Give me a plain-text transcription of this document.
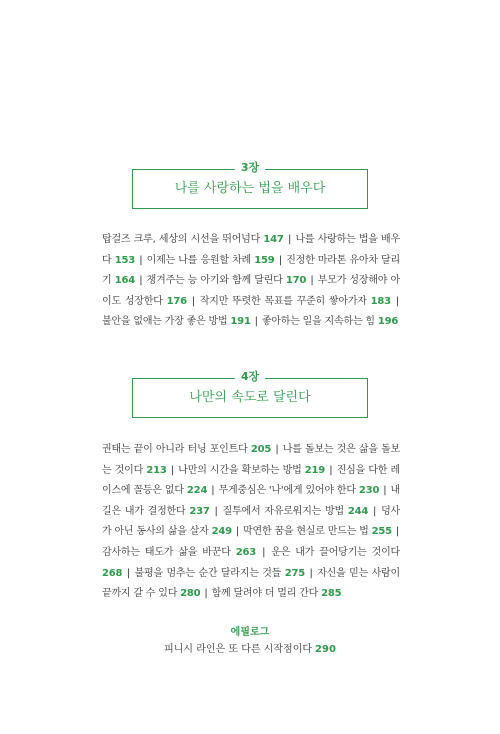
3장
나를 사랑하는 법을 배우다
탑걸즈 크루, 세상의 시선을 뛰어넘다 147 | 나를 사랑하는 법을 배우다 153 | 이제는 나를 응원할 차례 159 | 진정한 마라톤 유아차 달리기 164 | 챙겨주는 능 아기와 함께 달린다 170 | 부모가 성장해야 아이도 성장한다 176 | 작지만 뚜렷한 목표를 꾸준히 쌓아가자 183 | 불안을 없애는 가장 좋은 방법 191 | 좋아하는 일을 지속하는 힘 196
4장
나만의 속도로 달린다
권태는 끝이 아니라 터닝 포인트다 205 | 나를 돌보는 것은 삶을 돌보는 것이다 213 | 나만의 시간을 확보하는 방법 219 | 진심을 다한 레이스에 꼴등은 없다 224 | 무게중심은 '나'에게 있어야 한다 230 | 내 길은 내가 결정한다 237 | 질투에서 자유로워지는 방법 244 | 덩사가 아닌 동사의 삶을 살자 249 | 막연한 꿈을 현실로 만드는 법 255 | 감사하는 태도가 삶을 바꾼다 263 | 운은 내가 끌어당기는 것이다 268 | 불평을 멈추는 순간 달라지는 것들 275 | 자신을 믿는 사람이 끝까지 갈 수 있다 280 | 함께 달려야 더 멀리 간다 285
에필로그
피니시 라인은 또 다른 시작점이다 290
